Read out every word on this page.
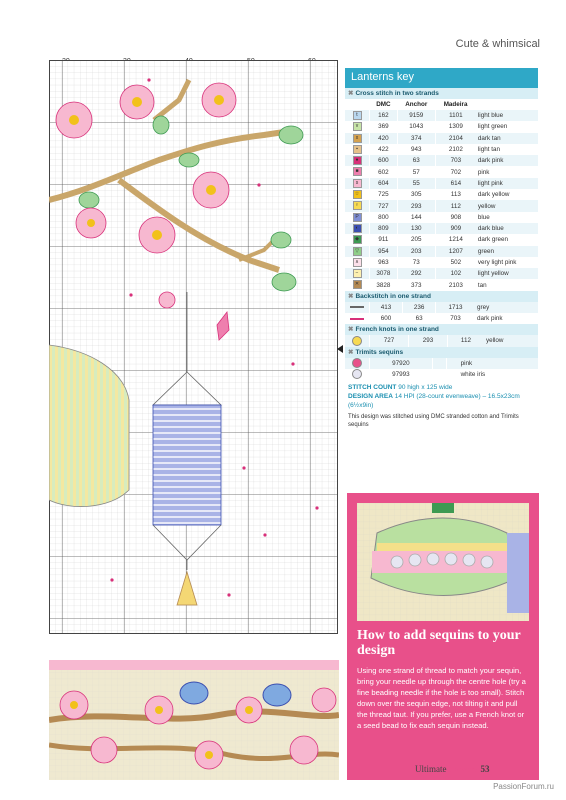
Cute & whimsical
Lanterns key
✖ Cross stitch in two strands
	DMC	Anchor	Madeira	
t	162	9159	1101	light blue
v	369	1043	1309	light green
x	420	374	2104	dark tan
▪	422	943	2102	light tan
●	600	63	703	dark pink
■	602	57	702	pink
s	604	55	614	light pink
☆	725	305	113	dark yellow
♀	727	293	112	yellow
P	800	144	908	blue
◐	809	130	909	dark blue
◆	911	205	1214	dark green
▽	954	203	1207	green
∧	963	73	502	very light pink
−	3078	292	102	light yellow
✕	3828	373	2103	tan
✖ Backstitch in one strand
	413	236	1713	grey
	600	63	703	dark pink
✖ French knots in one strand
	727	293	112	yellow
✖ Trimits sequins
	97920			pink
	97993			white iris
STITCH COUNT 90 high x 125 wide
DESIGN AREA 14 HPI (28-count evenweave) – 16.5x23cm (6½x9in)
This design was stitched using DMC stranded cotton and Trimits sequins
How to add sequins to your design
Using one strand of thread to match your sequin, bring your needle up through the centre hole (try a fine beading needle if the hole is too small). Stitch down over the sequin edge, not tilting it and pull the thread taut. If you prefer, use a French knot or a seed bead to fix each sequin instead.
Ultimate Flowers 53
PassionForum.ru
